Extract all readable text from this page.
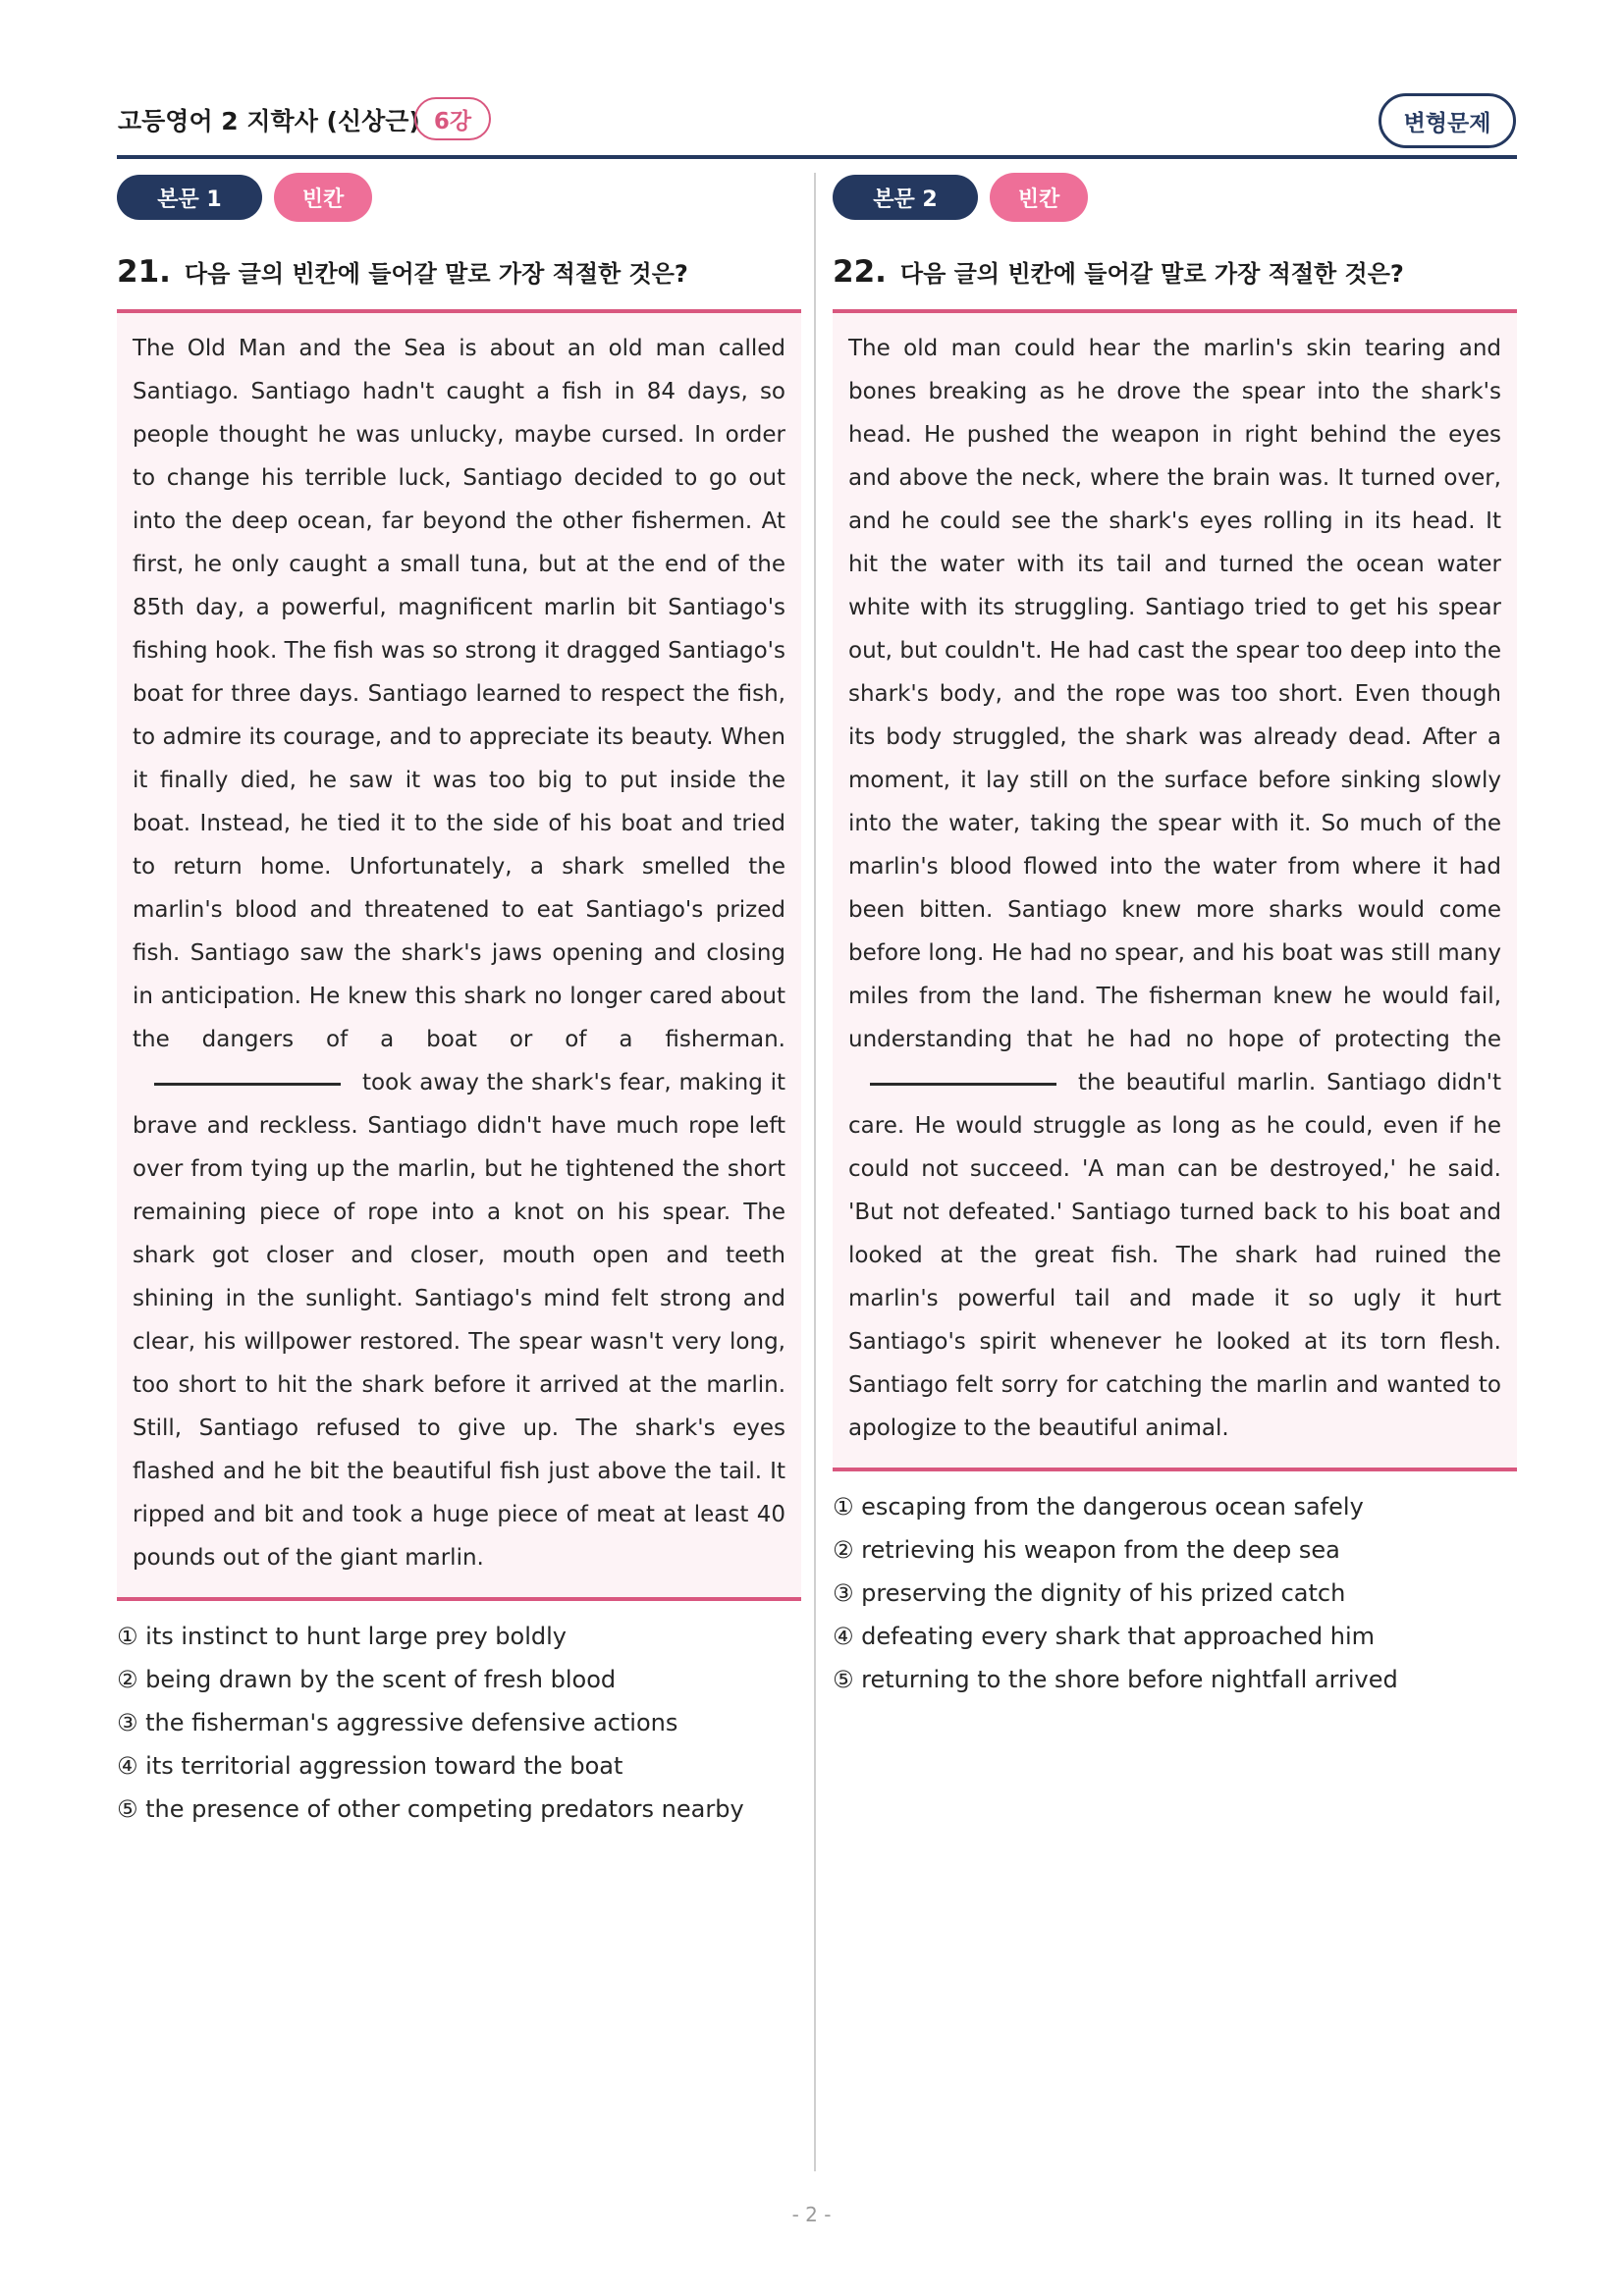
고등영어 2 지학사 (신상근) 6강	변형문제
본문 1	빈칸
21. 다음 글의 빈칸에 들어갈 말로 가장 적절한 것은?
The Old Man and the Sea is about an old man called Santiago. Santiago hadn't caught a fish in 84 days, so people thought he was unlucky, maybe cursed. In order to change his terrible luck, Santiago decided to go out into the deep ocean, far beyond the other fishermen. At first, he only caught a small tuna, but at the end of the 85th day, a powerful, magnificent marlin bit Santiago's fishing hook. The fish was so strong it dragged Santiago's boat for three days. Santiago learned to respect the fish, to admire its courage, and to appreciate its beauty. When it finally died, he saw it was too big to put inside the boat. Instead, he tied it to the side of his boat and tried to return home. Unfortunately, a shark smelled the marlin's blood and threatened to eat Santiago's prized fish. Santiago saw the shark's jaws opening and closing in anticipation. He knew this shark no longer cared about the dangers of a boat or of a fisherman.took away the shark's fear, making it brave and reckless. Santiago didn't have much rope left over from tying up the marlin, but he tightened the short remaining piece of rope into a knot on his spear. The shark got closer and closer, mouth open and teeth shining in the sunlight. Santiago's mind felt strong and clear, his willpower restored. The spear wasn't very long, too short to hit the shark before it arrived at the marlin. Still, Santiago refused to give up. The shark's eyes flashed and he bit the beautiful fish just above the tail. It ripped and bit and took a huge piece of meat at least 40 pounds out of the giant marlin.
① its instinct to hunt large prey boldly
② being drawn by the scent of fresh blood
③ the fisherman's aggressive defensive actions
④ its territorial aggression toward the boat
⑤ the presence of other competing predators nearby
본문 2	빈칸
22. 다음 글의 빈칸에 들어갈 말로 가장 적절한 것은?
The old man could hear the marlin's skin tearing and bones breaking as he drove the spear into the shark's head. He pushed the weapon in right behind the eyes and above the neck, where the brain was. It turned over, and he could see the shark's eyes rolling in its head. It hit the water with its tail and turned the ocean water white with its struggling. Santiago tried to get his spear out, but couldn't. He had cast the spear too deep into the shark's body, and the rope was too short. Even though its body struggled, the shark was already dead. After a moment, it lay still on the surface before sinking slowly into the water, taking the spear with it. So much of the marlin's blood flowed into the water from where it had been bitten. Santiago knew more sharks would come before long. He had no spear, and his boat was still many miles from the land. The fisherman knew he would fail, understanding that he had no hope of protecting thethe beautiful marlin. Santiago didn't care. He would struggle as long as he could, even if he could not succeed. 'A man can be destroyed,' he said. 'But not defeated.' Santiago turned back to his boat and looked at the great fish. The shark had ruined the marlin's powerful tail and made it so ugly it hurt Santiago's spirit whenever he looked at its torn flesh. Santiago felt sorry for catching the marlin and wanted to apologize to the beautiful animal.
① escaping from the dangerous ocean safely
② retrieving his weapon from the deep sea
③ preserving the dignity of his prized catch
④ defeating every shark that approached him
⑤ returning to the shore before nightfall arrived
- 2 -
